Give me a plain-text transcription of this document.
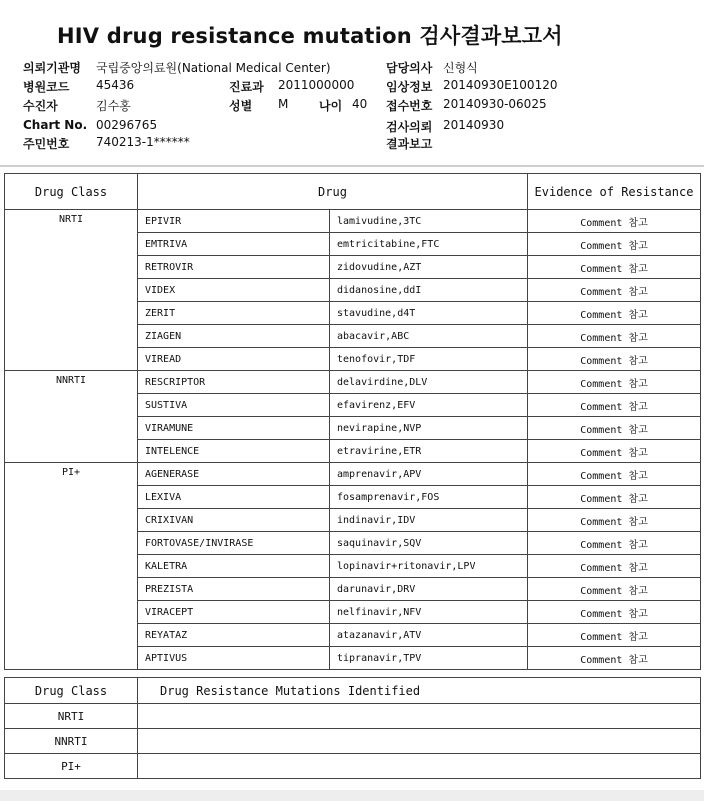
HIV drug resistance mutation 검사결과보고서
의뢰기관명 국립중앙의료원(National Medical Center)
병원코드 45436
수진자	김수홍
Chart No. 00296765
주민번호 740213-1******
진료과 2011000000
성별 M	나이 40
담당의사 신형식
임상정보 20140930E100120
접수번호 20140930-06025
검사의뢰 20140930
결과보고
Drug Class	Drug		Evidence of Resistance
NRTI	EPIVIR	lamivudine,3TC	Comment 참고
	EMTRIVA	emtricitabine,FTC	Comment 참고
	RETROVIR	zidovudine,AZT	Comment 참고
	VIDEX	didanosine,ddI	Comment 참고
	ZERIT	stavudine,d4T	Comment 참고
	ZIAGEN	abacavir,ABC	Comment 참고
	VIREAD	tenofovir,TDF	Comment 참고
NNRTI	RESCRIPTOR	delavirdine,DLV	Comment 참고
	SUSTIVA	efavirenz,EFV	Comment 참고
	VIRAMUNE	nevirapine,NVP	Comment 참고
	INTELENCE	etravirine,ETR	Comment 참고
PI+	AGENERASE	amprenavir,APV	Comment 참고
	LEXIVA	fosamprenavir,FOS	Comment 참고
	CRIXIVAN	indinavir,IDV	Comment 참고
	FORTOVASE/INVIRASE	saquinavir,SQV	Comment 참고
	KALETRA	lopinavir+ritonavir,LPV	Comment 참고
	PREZISTA	darunavir,DRV	Comment 참고
	VIRACEPT	nelfinavir,NFV	Comment 참고
	REYATAZ	atazanavir,ATV	Comment 참고
	APTIVUS	tipranavir,TPV	Comment 참고
Drug Class	Drug Resistance Mutations Identified
NRTI	
NNRTI	
PI+	
